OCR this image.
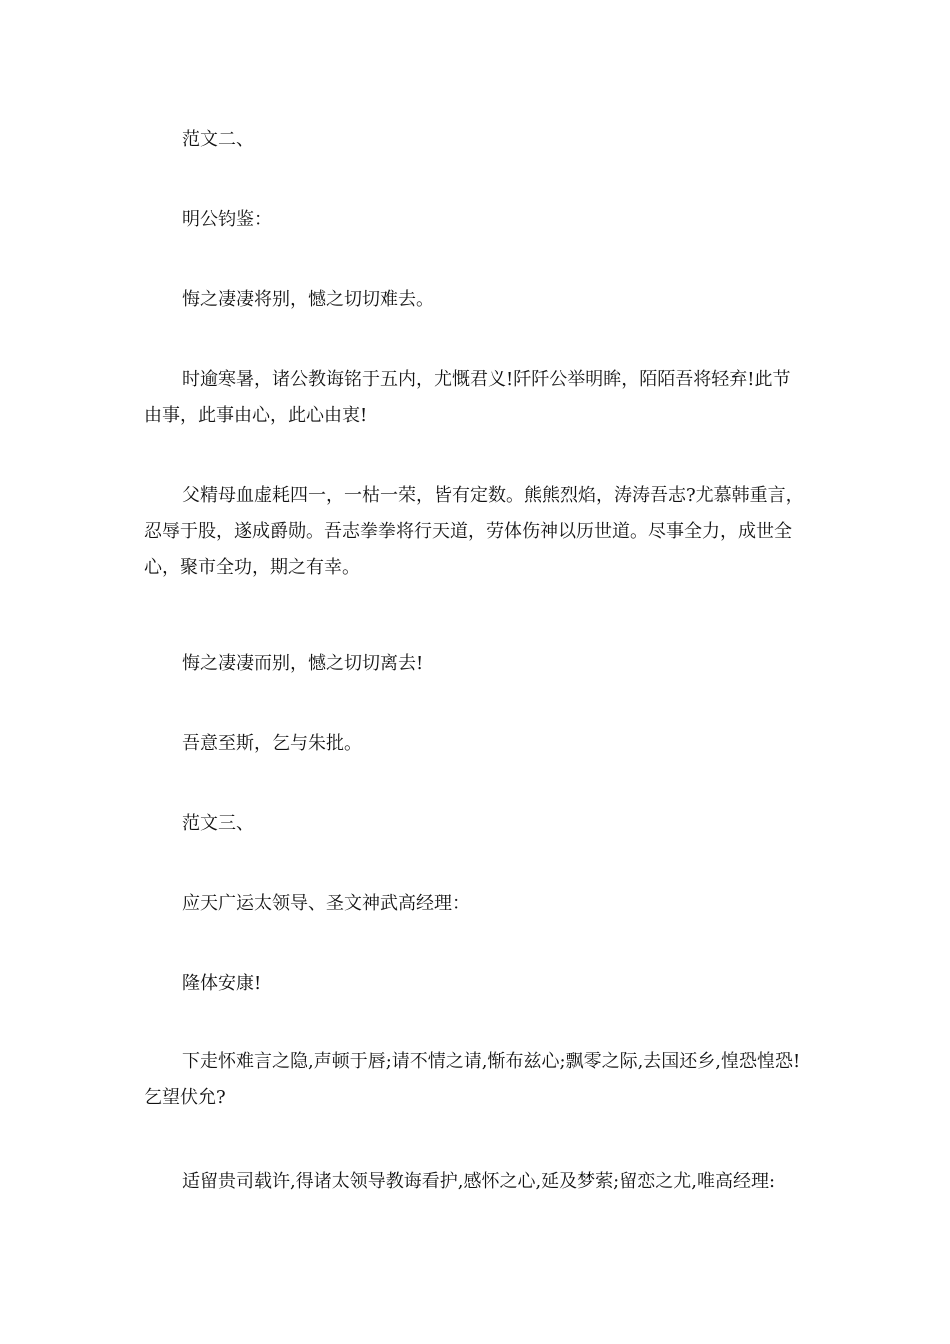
范文二、

明公钧鉴：

悔之凄凄将别，憾之切切难去。

时逾寒暑，诸公教诲铭于五内，尤慨君义!阡阡公举明眸，陌陌吾将轻弃!此节由事，此事由心，此心由衷!

父精母血虚耗四一，一枯一荣，皆有定数。熊熊烈焰，涛涛吾志?尤慕韩重言，忍辱于股，遂成爵勋。吾志拳拳将行天道，劳体伤神以历世道。尽事全力，成世全心，聚市全功，期之有幸。

悔之凄凄而别，憾之切切离去!

吾意至斯，乞与朱批。

范文三、

应天广运太领导、圣文神武高经理：

隆体安康!

下走怀难言之隐,声顿于唇;请不情之请,惭布兹心;飘零之际,去国还乡,惶恐惶恐!乞望伏允?

适留贵司载许,得诸太领导教诲看护,感怀之心,延及梦萦;留恋之尤,唯高经理:
